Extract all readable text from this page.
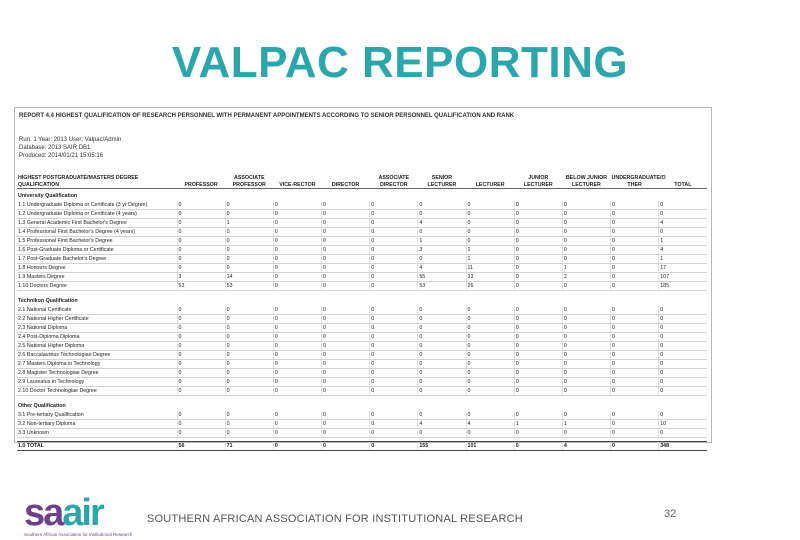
VALPAC REPORTING
REPORT 4.4 HIGHEST QUALIFICATION OF RESEARCH PERSONNEL WITH PERMANENT APPOINTMENTS ACCORDING TO SENIOR PERSONNEL QUALIFICATION AND RANK
Run: 1 Year: 2013 User: Valpac/Admin
Database: 2013 SAIR DB1
Produced: 2014/01/21 15:05:16
HIGHEST POSTGRADUATE/MASTERS DEGREE QUALIFICATION	PROFESSOR	ASSOCIATE PROFESSOR	VICE-RECTOR	DIRECTOR	ASSOCIATE DIRECTOR	SENIOR LECTURER	LECTURER	JUNIOR LECTURER	BELOW JUNIOR LECTURER	UNDERGRADUATE/O THER	TOTAL
University Qualification											
1.1 Undergraduate Diploma or Certificate (3 yr Degree)	0	0	0	0	0	0	0	0	0	0	0
1.2 Undergraduate Diploma or Certificate (4 years)	0	0	0	0	0	0	0	0	0	0	0
1.3 General Academic First Bachelor's Degree	0	1	0	0	0	4	0	0	0	0	4
1.4 Professional First Bachelor's Degree (4 years)	0	0	0	0	0	0	0	0	0	0	0
1.5 Professional First Bachelor's Degree	0	0	0	0	0	1	0	0	0	0	1
1.6 Post-Graduate Diploma or Certificate	0	0	0	0	0	3	1	0	0	0	4
1.7 Post-Graduate Bachelor's Degree	0	0	0	0	0	0	1	0	0	0	1
1.8 Honours Degree	0	0	0	0	0	4	11	0	1	0	17
1.9 Masters Degree	3	14	0	0	0	55	33	0	2	0	107
1.10 Doctors Degree	53	53	0	0	0	53	26	0	0	0	185

Technikon Qualification											
2.1 National Certificate	0	0	0	0	0	0	0	0	0	0	0
2.2 National Higher Certificate	0	0	0	0	0	0	0	0	0	0	0
2.3 National Diploma	0	0	0	0	0	0	0	0	0	0	0
2.4 Post-Diploma Diploma	0	0	0	0	0	0	0	0	0	0	0
2.5 National Higher Diploma	0	0	0	0	0	0	0	0	0	0	0
2.6 Baccalaureus Technologiae Degree	0	0	0	0	0	0	0	0	0	0	0
2.7 Masters Diploma in Technology	0	0	0	0	0	0	0	0	0	0	0
2.8 Magister Technologiae Degree	0	0	0	0	0	0	0	0	0	0	0
2.9 Laureatus in Technology	0	0	0	0	0	0	0	0	0	0	0
2.10 Doctor Technologiae Degree	0	0	0	0	0	0	0	0	0	0	0

Other Qualification											
3.1 Pre-tertiary Qualification	0	0	0	0	0	0	0	0	0	0	0
3.2 Non-tertiary Diploma	0	0	0	0	0	4	4	1	1	0	10
3.3 Unknown	0	0	0	0	0	0	0	0	0	0	0

1.0 TOTAL	56	71	0	0	0	155	101	0	4	0	348
saair
Southern African Association for Institutional Research
SOUTHERN AFRICAN ASSOCIATION FOR INSTITUTIONAL RESEARCH	32
